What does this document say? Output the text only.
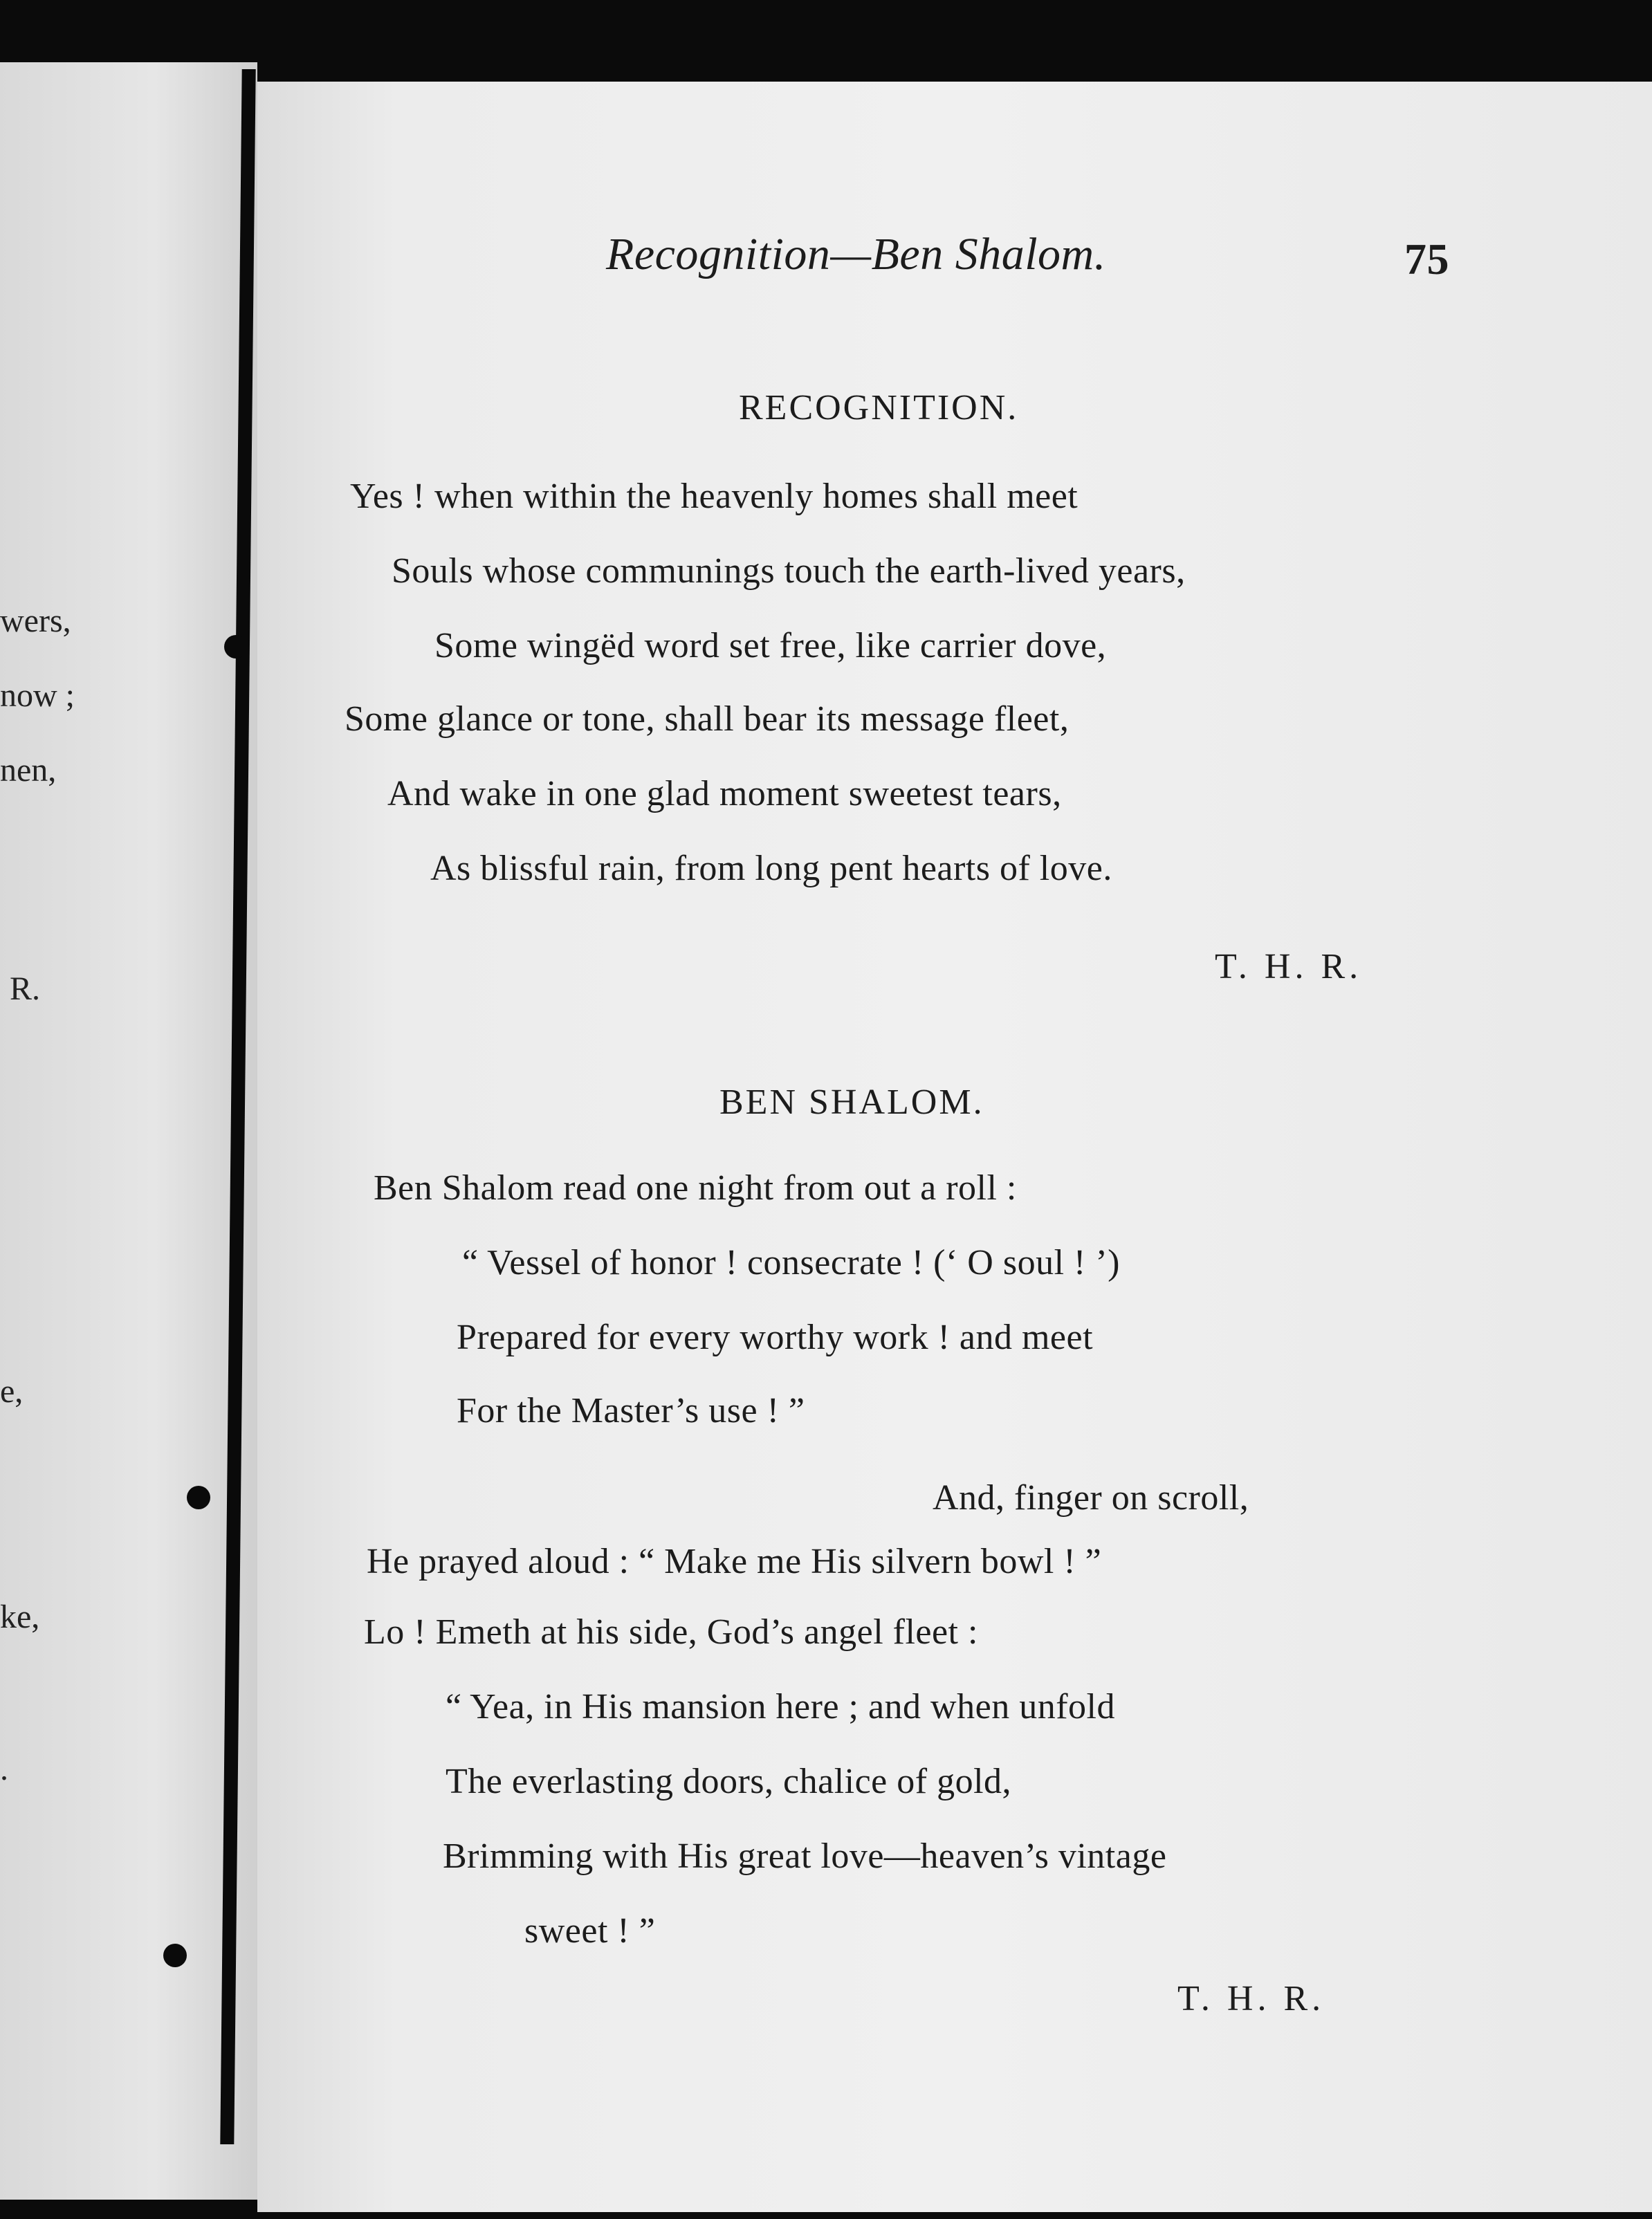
wers,
now ;
nen,
R.
e,
ke,
.
Recognition—Ben Shalom.	75
RECOGNITION.
Yes ! when within the heavenly homes shall meet
Souls whose communings touch the earth-lived years,
Some wingëd word set free, like carrier dove,
Some glance or tone, shall bear its message fleet,
And wake in one glad moment sweetest tears,
As blissful rain, from long pent hearts of love.
T. H. R.
BEN SHALOM.
Ben Shalom read one night from out a roll :
“ Vessel of honor ! consecrate ! (‘ O soul ! ’)
Prepared for every worthy work ! and meet
For the Master’s use ! ”
And, finger on scroll,
He prayed aloud : “ Make me His silvern bowl ! ”
Lo ! Emeth at his side, God’s angel fleet :
“ Yea, in His mansion here ; and when unfold
The everlasting doors, chalice of gold,
Brimming with His great love—heaven’s vintage
sweet ! ”
T. H. R.
